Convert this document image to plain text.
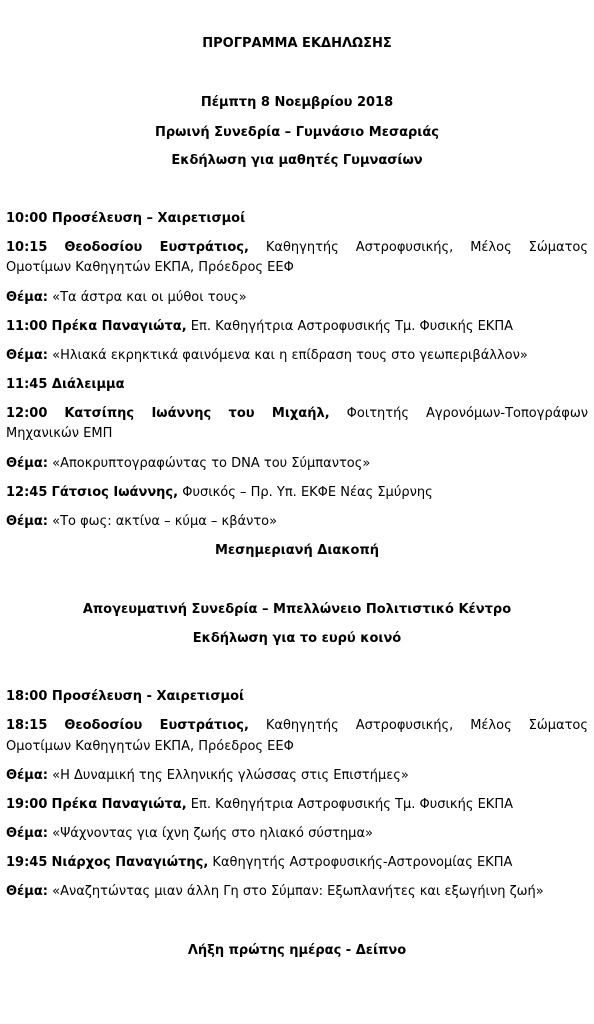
ΠΡΟΓΡΑΜΜΑ ΕΚΔΗΛΩΣΗΣ
Πέμπτη 8 Νοεμβρίου 2018
Πρωινή Συνεδρία – Γυμνάσιο Μεσαριάς
Εκδήλωση για μαθητές Γυμνασίων
10:00 Προσέλευση – Χαιρετισμοί
10:15 Θεοδοσίου Ευστράτιος, Καθηγητής Αστροφυσικής, Μέλος Σώματος
Ομοτίμων Καθηγητών ΕΚΠΑ, Πρόεδρος ΕΕΦ
Θέμα: «Τα άστρα και οι μύθοι τους»
11:00 Πρέκα Παναγιώτα, Επ. Καθηγήτρια Αστροφυσικής Τμ. Φυσικής ΕΚΠΑ
Θέμα: «Ηλιακά εκρηκτικά φαινόμενα και η επίδραση τους στο γεωπεριβάλλον»
11:45 Διάλειμμα
12:00 Κατσίπης Ιωάννης του Μιχαήλ, Φοιτητής Αγρονόμων-Τοπογράφων
Μηχανικών ΕΜΠ
Θέμα: «Αποκρυπτογραφώντας το DNA του Σύμπαντος»
12:45 Γάτσιος Ιωάννης, Φυσικός – Πρ. Υπ. ΕΚΦΕ Νέας Σμύρνης
Θέμα: «Το φως: ακτίνα – κύμα – κβάντο»
Μεσημεριανή Διακοπή
Απογευματινή Συνεδρία – Μπελλώνειο Πολιτιστικό Κέντρο
Εκδήλωση για το ευρύ κοινό
18:00 Προσέλευση - Χαιρετισμοί
18:15 Θεοδοσίου Ευστράτιος, Καθηγητής Αστροφυσικής, Μέλος Σώματος
Ομοτίμων Καθηγητών ΕΚΠΑ, Πρόεδρος ΕΕΦ
Θέμα: «Η Δυναμική της Ελληνικής γλώσσας στις Επιστήμες»
19:00 Πρέκα Παναγιώτα, Επ. Καθηγήτρια Αστροφυσικής Τμ. Φυσικής ΕΚΠΑ
Θέμα: «Ψάχνοντας για ίχνη ζωής στο ηλιακό σύστημα»
19:45 Νιάρχος Παναγιώτης, Καθηγητής Αστροφυσικής-Αστρονομίας ΕΚΠΑ
Θέμα: «Αναζητώντας μιαν άλλη Γη στο Σύμπαν: Εξωπλανήτες και εξωγήινη ζωή»
Λήξη πρώτης ημέρας - Δείπνο
